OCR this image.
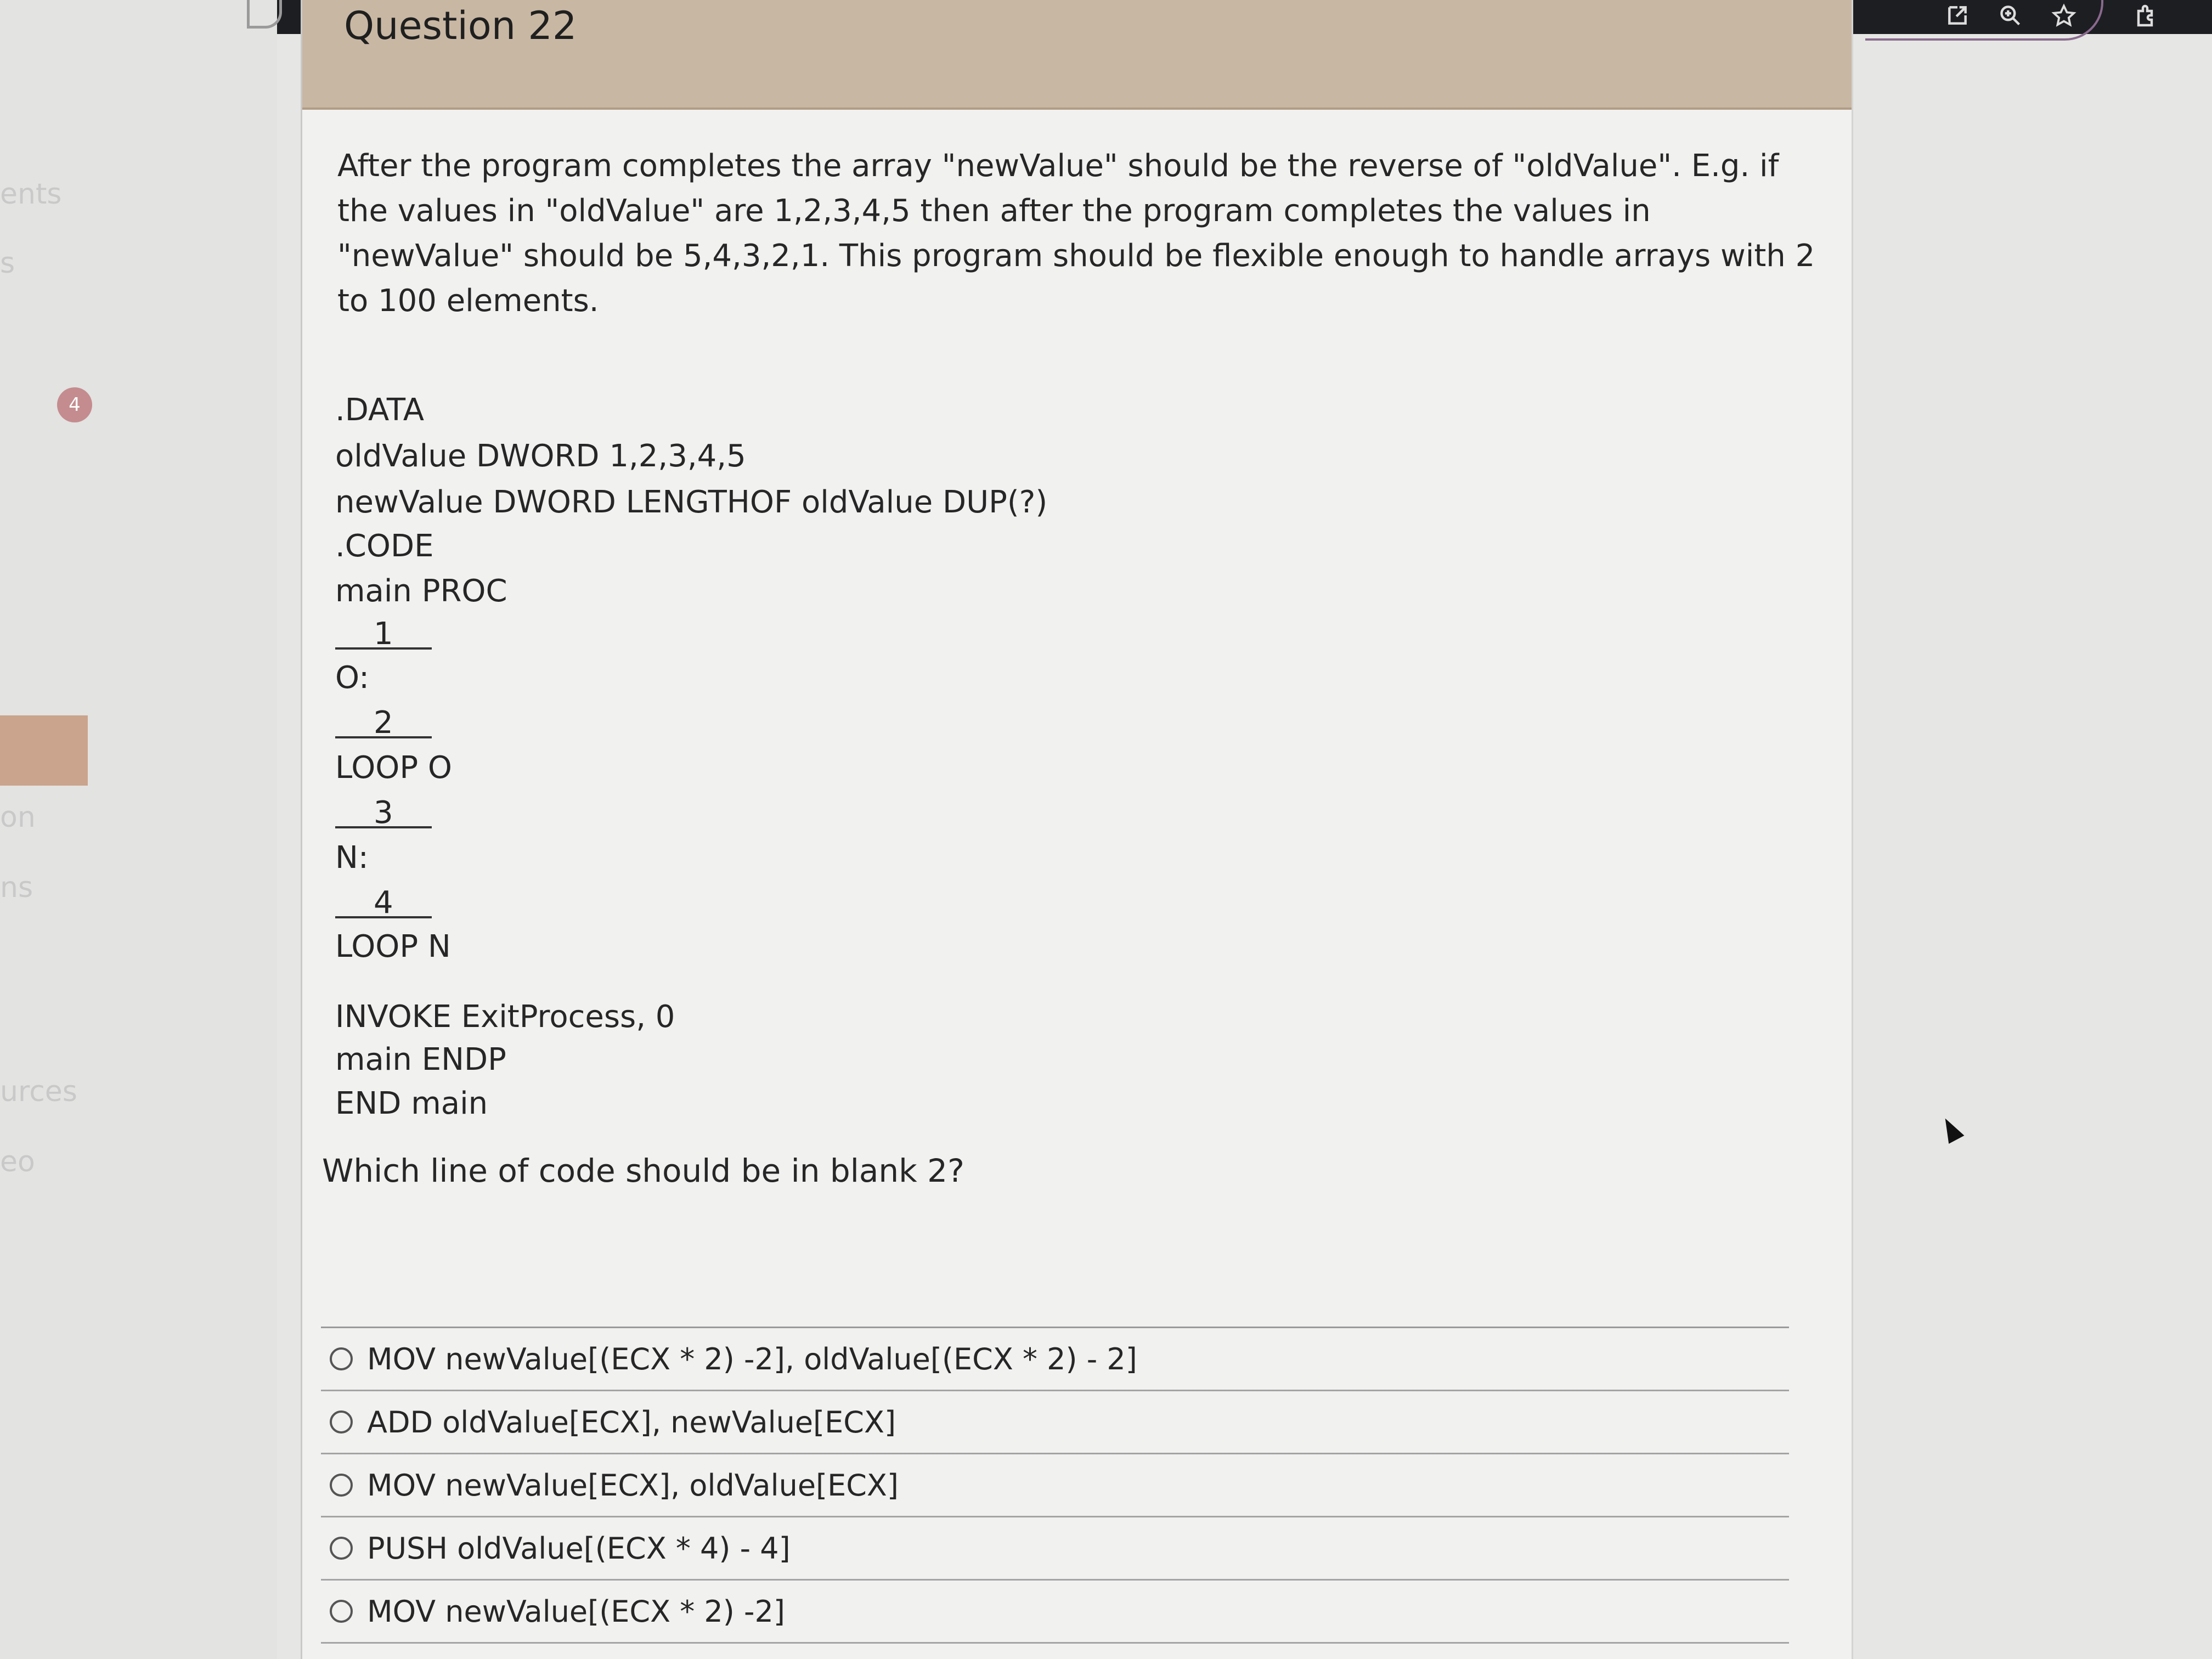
ents
s
4
on
ns
urces
eo
Question 22
After the program completes the array "newValue" should be the reverse of "oldValue". E.g. if the values in "oldValue" are 1,2,3,4,5 then after the program completes the values in "newValue" should be 5,4,3,2,1. This program should be flexible enough to handle arrays with 2 to 100 elements.
.DATA
oldValue DWORD 1,2,3,4,5
newValue DWORD LENGTHOF oldValue DUP(?)
.CODE
main PROC
1
O:
2
LOOP O
3
N:
4
LOOP N
INVOKE ExitProcess, 0
main ENDP
END main
Which line of code should be in blank 2?
MOV newValue[(ECX * 2) -2], oldValue[(ECX * 2) - 2]
ADD oldValue[ECX], newValue[ECX]
MOV newValue[ECX], oldValue[ECX]
PUSH oldValue[(ECX * 4) - 4]
MOV newValue[(ECX * 2) -2]
